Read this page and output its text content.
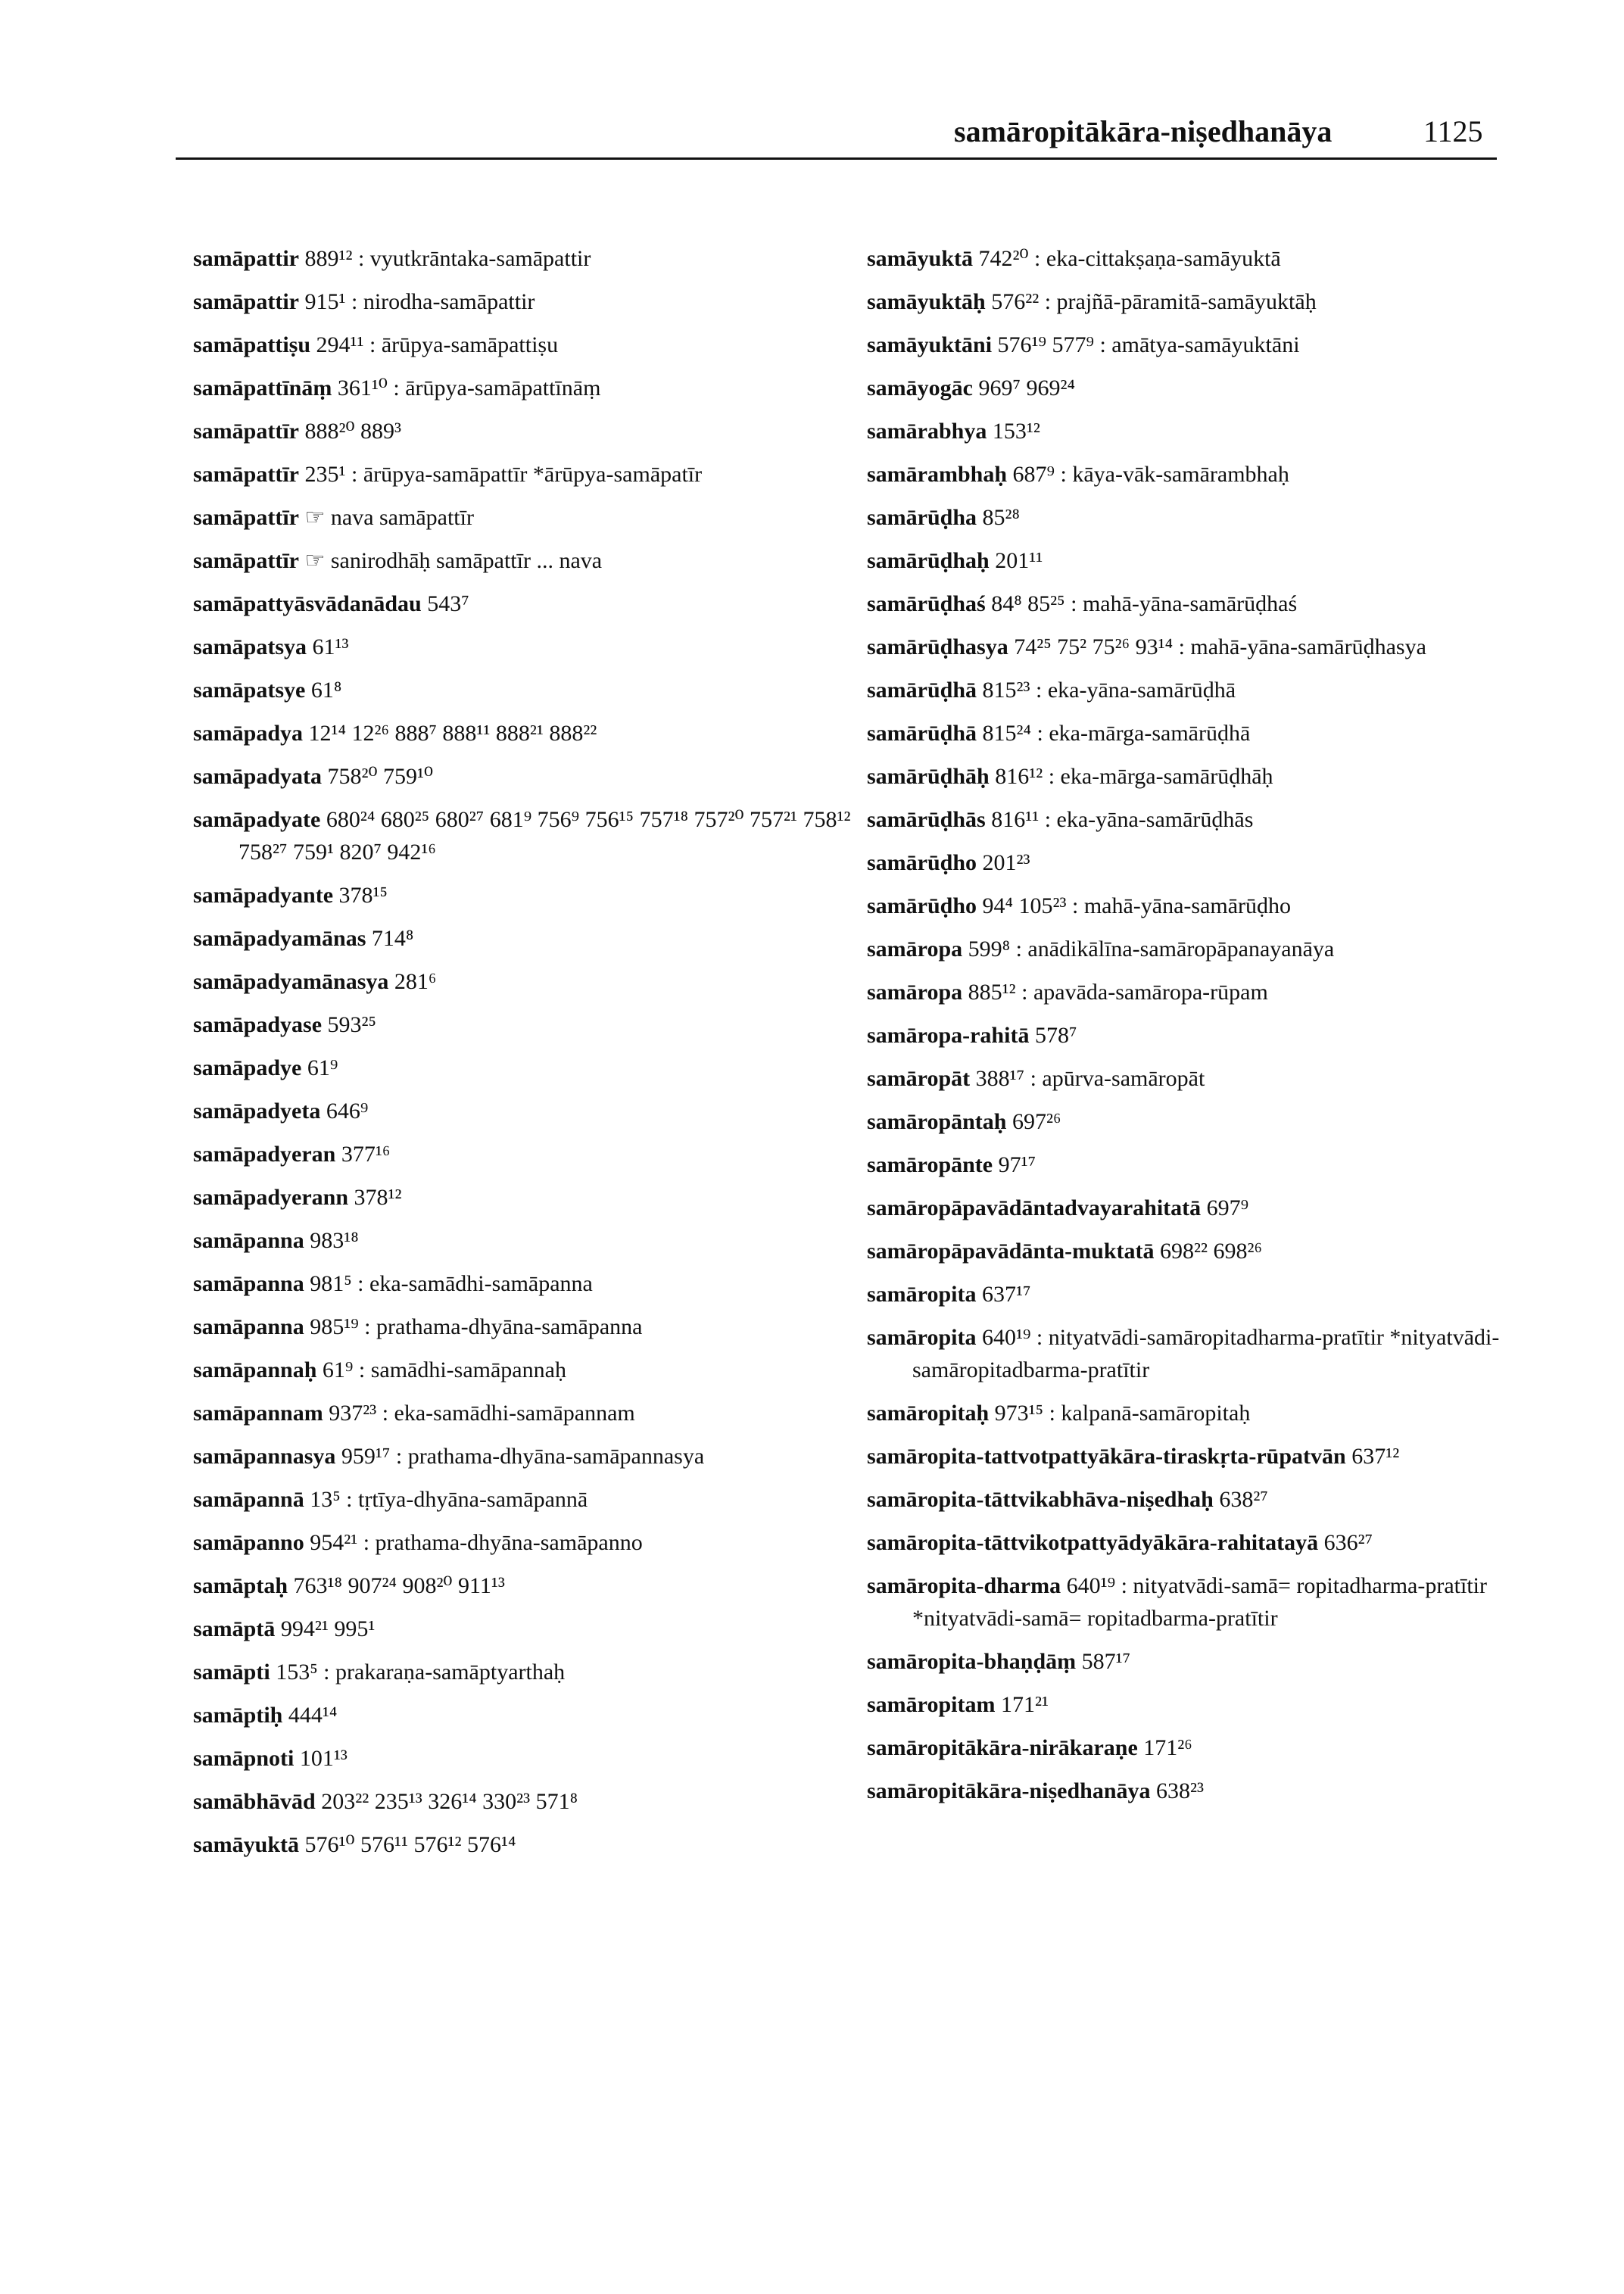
samāropitākāra-niṣedhanāya	1125
samāpattir 889¹² : vyutkrāntaka-samāpattir
samāpattir 915¹ : nirodha-samāpattir
samāpattiṣu 294¹¹ : ārūpya-samāpattiṣu
samāpattīnāṃ 361¹⁰ : ārūpya-samāpattīnāṃ
samāpattīr 888²⁰ 889³
samāpattīr 235¹ : ārūpya-samāpattīr *ārūpya-samāpatīr
samāpattīr ☞ nava samāpattīr
samāpattīr ☞ sanirodhāḥ samāpattīr ... nava
samāpattyāsvādanādau 543⁷
samāpatsya 61¹³
samāpatsye 61⁸
samāpadya 12¹⁴ 12²⁶ 888⁷ 888¹¹ 888²¹ 888²²
samāpadyata 758²⁰ 759¹⁰
samāpadyate 680²⁴ 680²⁵ 680²⁷ 681⁹ 756⁹ 756¹⁵ 757¹⁸ 757²⁰ 757²¹ 758¹² 758²⁷ 759¹ 820⁷ 942¹⁶
samāpadyante 378¹⁵
samāpadyamānas 714⁸
samāpadyamānasya 281⁶
samāpadyase 593²⁵
samāpadye 61⁹
samāpadyeta 646⁹
samāpadyeran 377¹⁶
samāpadyerann 378¹²
samāpanna 983¹⁸
samāpanna 981⁵ : eka-samādhi-samāpanna
samāpanna 985¹⁹ : prathama-dhyāna-samāpanna
samāpannaḥ 61⁹ : samādhi-samāpannaḥ
samāpannam 937²³ : eka-samādhi-samāpannam
samāpannasya 959¹⁷ : prathama-dhyāna-samāpannasya
samāpannā 13⁵ : tṛtīya-dhyāna-samāpannā
samāpanno 954²¹ : prathama-dhyāna-samāpanno
samāptaḥ 763¹⁸ 907²⁴ 908²⁰ 911¹³
samāptā 994²¹ 995¹
samāpti 153⁵ : prakaraṇa-samāptyarthaḥ
samāptiḥ 444¹⁴
samāpnoti 101¹³
samābhāvād 203²² 235¹³ 326¹⁴ 330²³ 571⁸
samāyuktā 576¹⁰ 576¹¹ 576¹² 576¹⁴
samāyuktā 742²⁰ : eka-cittakṣaṇa-samāyuktā
samāyuktāḥ 576²² : prajñā-pāramitā-samāyuktāḥ
samāyuktāni 576¹⁹ 577⁹ : amātya-samāyuktāni
samāyogāc 969⁷ 969²⁴
samārabhya 153¹²
samārambhaḥ 687⁹ : kāya-vāk-samārambhaḥ
samārūḍha 85²⁸
samārūḍhaḥ 201¹¹
samārūḍhaś 84⁸ 85²⁵ : mahā-yāna-samārūḍhaś
samārūḍhasya 74²⁵ 75² 75²⁶ 93¹⁴ : mahā-yāna-samārūḍhasya
samārūḍhā 815²³ : eka-yāna-samārūḍhā
samārūḍhā 815²⁴ : eka-mārga-samārūḍhā
samārūḍhāḥ 816¹² : eka-mārga-samārūḍhāḥ
samārūḍhās 816¹¹ : eka-yāna-samārūḍhās
samārūḍho 201²³
samārūḍho 94⁴ 105²³ : mahā-yāna-samārūḍho
samāropa 599⁸ : anādikālīna-samāropāpanayanāya
samāropa 885¹² : apavāda-samāropa-rūpam
samāropa-rahitā 578⁷
samāropāt 388¹⁷ : apūrva-samāropāt
samāropāntaḥ 697²⁶
samāropānte 97¹⁷
samāropāpavādāntadvayarahitatā 697⁹
samāropāpavādānta-muktatā 698²² 698²⁶
samāropita 637¹⁷
samāropita 640¹⁹ : nityatvādi-samāropitadharma-pratītir *nityatvādi-samāropitadbarma-pratītir
samāropitaḥ 973¹⁵ : kalpanā-samāropitaḥ
samāropita-tattvotpattyākāra-tiraskṛta-rūpatvān 637¹²
samāropita-tāttvikabhāva-niṣedhaḥ 638²⁷
samāropita-tāttvikotpattyādyākāra-rahitatayā 636²⁷
samāropita-dharma 640¹⁹ : nityatvādi-samā= ropitadharma-pratītir *nityatvādi-samā= ropitadbarma-pratītir
samāropita-bhaṇḍāṃ 587¹⁷
samāropitam 171²¹
samāropitākāra-nirākaraṇe 171²⁶
samāropitākāra-niṣedhanāya 638²³
